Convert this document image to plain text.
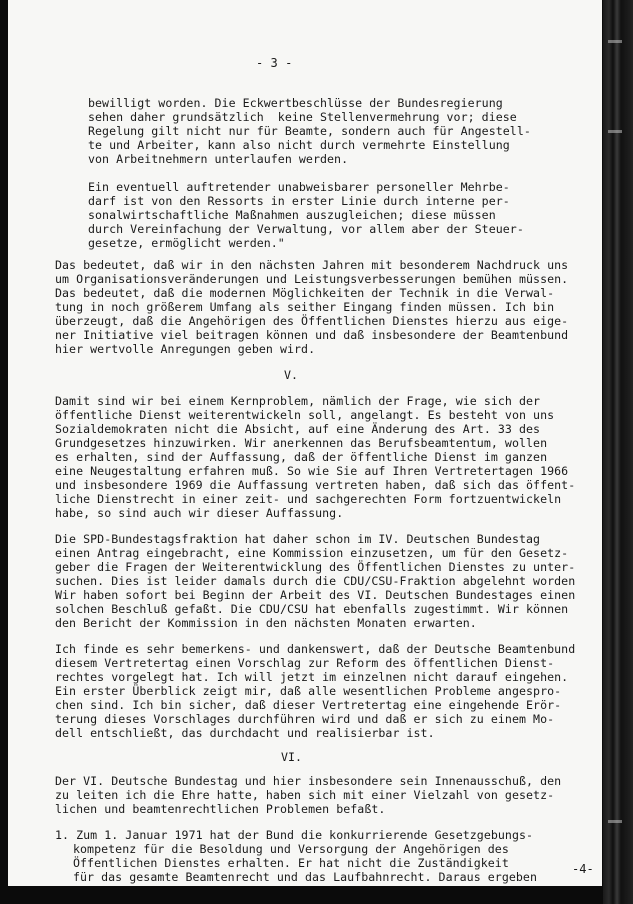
- 3 -
bewilligt worden. Die Eckwertbeschlüsse der Bundesregierung
sehen daher grundsätzlich  keine Stellenvermehrung vor; diese
Regelung gilt nicht nur für Beamte, sondern auch für Angestell-
te und Arbeiter, kann also nicht durch vermehrte Einstellung
von Arbeitnehmern unterlaufen werden.
Ein eventuell auftretender unabweisbarer personeller Mehrbe-
darf ist von den Ressorts in erster Linie durch interne per-
sonalwirtschaftliche Maßnahmen auszugleichen; diese müssen
durch Vereinfachung der Verwaltung, vor allem aber der Steuer-
gesetze, ermöglicht werden."
Das bedeutet, daß wir in den nächsten Jahren mit besonderem Nachdruck uns
um Organisationsveränderungen und Leistungsverbesserungen bemühen müssen.
Das bedeutet, daß die modernen Möglichkeiten der Technik in die Verwal-
tung in noch größerem Umfang als seither Eingang finden müssen. Ich bin
überzeugt, daß die Angehörigen des Öffentlichen Dienstes hierzu aus eige-
ner Initiative viel beitragen können und daß insbesondere der Beamtenbund
hier wertvolle Anregungen geben wird.
V.
Damit sind wir bei einem Kernproblem, nämlich der Frage, wie sich der
öffentliche Dienst weiterentwickeln soll, angelangt. Es besteht von uns
Sozialdemokraten nicht die Absicht, auf eine Änderung des Art. 33 des
Grundgesetzes hinzuwirken. Wir anerkennen das Berufsbeamtentum, wollen
es erhalten, sind der Auffassung, daß der öffentliche Dienst im ganzen
eine Neugestaltung erfahren muß. So wie Sie auf Ihren Vertretertagen 1966
und insbesondere 1969 die Auffassung vertreten haben, daß sich das öffent-
liche Dienstrecht in einer zeit- und sachgerechten Form fortzuentwickeln
habe, so sind auch wir dieser Auffassung.
Die SPD-Bundestagsfraktion hat daher schon im IV. Deutschen Bundestag
einen Antrag eingebracht, eine Kommission einzusetzen, um für den Gesetz-
geber die Fragen der Weiterentwicklung des Öffentlichen Dienstes zu unter-
suchen. Dies ist leider damals durch die CDU/CSU-Fraktion abgelehnt worden
Wir haben sofort bei Beginn der Arbeit des VI. Deutschen Bundestages einen
solchen Beschluß gefaßt. Die CDU/CSU hat ebenfalls zugestimmt. Wir können
den Bericht der Kommission in den nächsten Monaten erwarten.
Ich finde es sehr bemerkens- und dankenswert, daß der Deutsche Beamtenbund
diesem Vertretertag einen Vorschlag zur Reform des öffentlichen Dienst-
rechtes vorgelegt hat. Ich will jetzt im einzelnen nicht darauf eingehen.
Ein erster Überblick zeigt mir, daß alle wesentlichen Probleme angespro-
chen sind. Ich bin sicher, daß dieser Vertretertag eine eingehende Erör-
terung dieses Vorschlages durchführen wird und daß er sich zu einem Mo-
dell entschließt, das durchdacht und realisierbar ist.
VI.
Der VI. Deutsche Bundestag und hier insbesondere sein Innenausschuß, den
zu leiten ich die Ehre hatte, haben sich mit einer Vielzahl von gesetz-
lichen und beamtenrechtlichen Problemen befaßt.
1. Zum 1. Januar 1971 hat der Bund die konkurrierende Gesetzgebungs-
kompetenz für die Besoldung und Versorgung der Angehörigen des
Öffentlichen Dienstes erhalten. Er hat nicht die Zuständigkeit
für das gesamte Beamtenrecht und das Laufbahnrecht. Daraus ergeben
-4-
